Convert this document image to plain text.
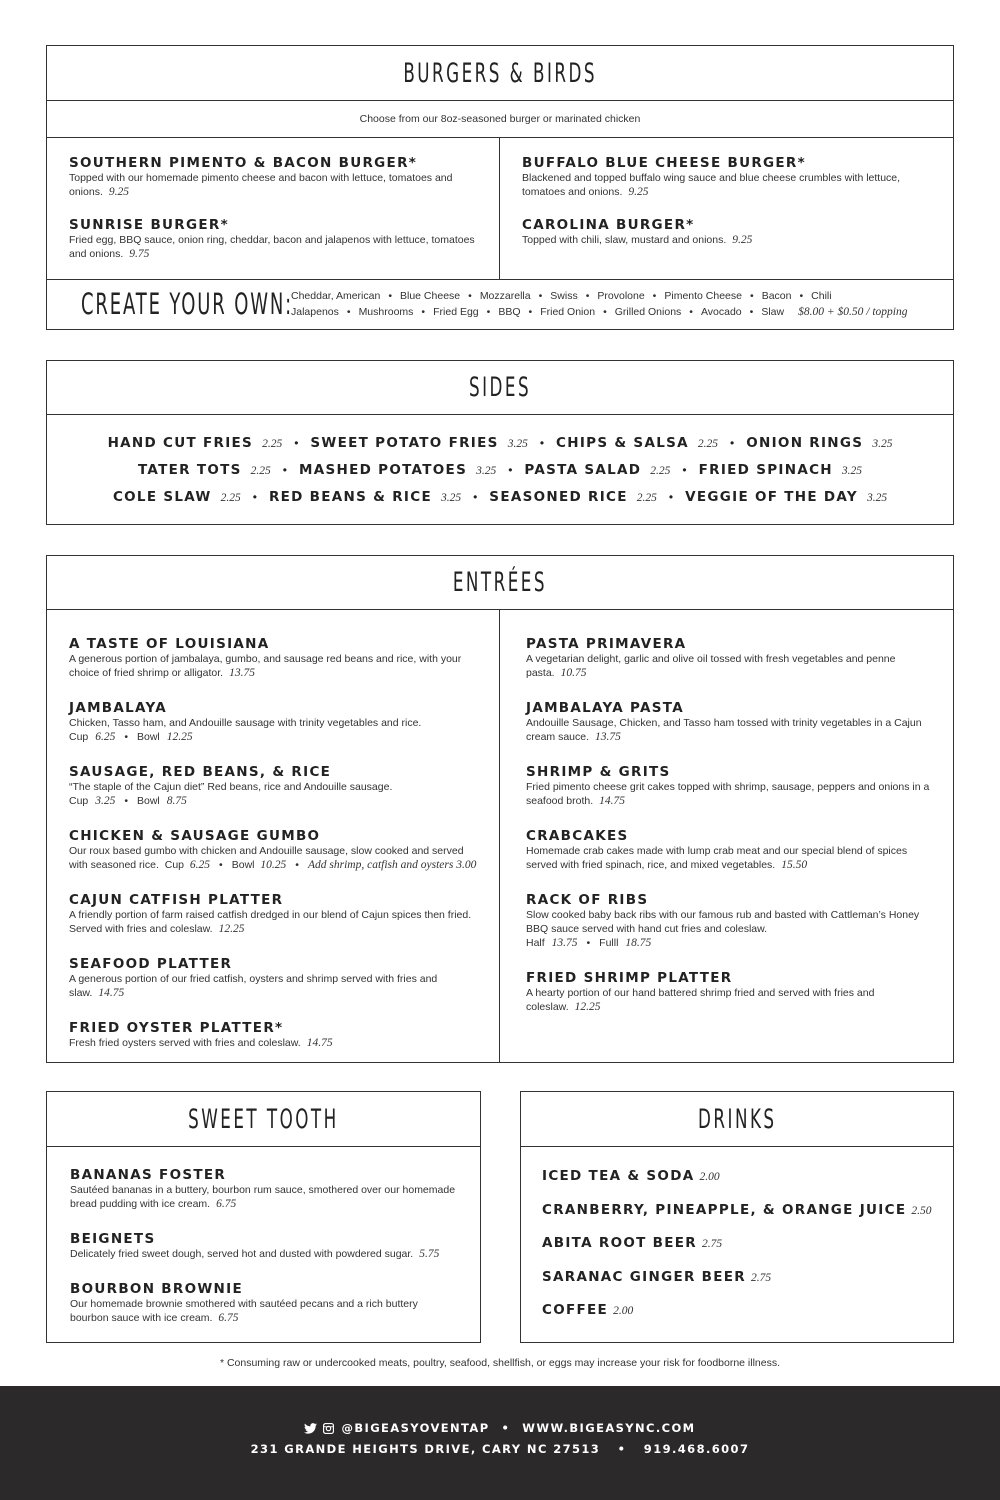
BURGERS & BIRDS
Choose from our 8oz-seasoned burger or marinated chicken
SOUTHERN PIMENTO & BACON BURGER*
Topped with our homemade pimento cheese and bacon with lettuce, tomatoes and onions. 9.25
SUNRISE BURGER*
Fried egg, BBQ sauce, onion ring, cheddar, bacon and jalapenos with lettuce, tomatoes and onions. 9.75
BUFFALO BLUE CHEESE BURGER*
Blackened and topped buffalo wing sauce and blue cheese crumbles with lettuce, tomatoes and onions. 9.25
CAROLINA BURGER*
Topped with chili, slaw, mustard and onions. 9.25
CREATE YOUR OWN:
Cheddar, American • Blue Cheese • Mozzarella • Swiss • Provolone • Pimento Cheese • Bacon • Chili
Jalapenos • Mushrooms • Fried Egg • BBQ • Fried Onion • Grilled Onions • Avocado • Slaw $8.00 + $0.50 / topping
SIDES
HAND CUT FRIES 2.25 • SWEET POTATO FRIES 3.25 • CHIPS & SALSA 2.25 • ONION RINGS 3.25
TATER TOTS 2.25 • MASHED POTATOES 3.25 • PASTA SALAD 2.25 • FRIED SPINACH 3.25
COLE SLAW 2.25 • RED BEANS & RICE 3.25 • SEASONED RICE 2.25 • VEGGIE OF THE DAY 3.25
ENTRÉES
A TASTE OF LOUISIANA
A generous portion of jambalaya, gumbo, and sausage red beans and rice, with your choice of fried shrimp or alligator. 13.75
JAMBALAYA
Chicken, Tasso ham, and Andouille sausage with trinity vegetables and rice.
Cup 6.25 • Bowl 12.25
SAUSAGE, RED BEANS, & RICE
“The staple of the Cajun diet” Red beans, rice and Andouille sausage.
Cup 3.25 • Bowl 8.75
CHICKEN & SAUSAGE GUMBO
Our roux based gumbo with chicken and Andouille sausage, slow cooked and served with seasoned rice. Cup 6.25 • Bowl 10.25 • Add shrimp, catfish and oysters 3.00
CAJUN CATFISH PLATTER
A friendly portion of farm raised catfish dredged in our blend of Cajun spices then fried. Served with fries and coleslaw. 12.25
SEAFOOD PLATTER
A generous portion of our fried catfish, oysters and shrimp served with fries and slaw. 14.75
FRIED OYSTER PLATTER*
Fresh fried oysters served with fries and coleslaw. 14.75
PASTA PRIMAVERA
A vegetarian delight, garlic and olive oil tossed with fresh vegetables and penne pasta. 10.75
JAMBALAYA PASTA
Andouille Sausage, Chicken, and Tasso ham tossed with trinity vegetables in a Cajun cream sauce. 13.75
SHRIMP & GRITS
Fried pimento cheese grit cakes topped with shrimp, sausage, peppers and onions in a seafood broth. 14.75
CRABCAKES
Homemade crab cakes made with lump crab meat and our special blend of spices served with fried spinach, rice, and mixed vegetables. 15.50
RACK OF RIBS
Slow cooked baby back ribs with our famous rub and basted with Cattleman’s Honey BBQ sauce served with hand cut fries and coleslaw.
Half 13.75 • Fulll 18.75
FRIED SHRIMP PLATTER
A hearty portion of our hand battered shrimp fried and served with fries and coleslaw. 12.25
SWEET TOOTH
BANANAS FOSTER
Sautéed bananas in a buttery, bourbon rum sauce, smothered over our homemade bread pudding with ice cream. 6.75
BEIGNETS
Delicately fried sweet dough, served hot and dusted with powdered sugar. 5.75
BOURBON BROWNIE
Our homemade brownie smothered with sautéed pecans and a rich buttery bourbon sauce with ice cream. 6.75
DRINKS
ICED TEA & SODA 2.00
CRANBERRY, PINEAPPLE, & ORANGE JUICE 2.50
ABITA ROOT BEER 2.75
SARANAC GINGER BEER 2.75
COFFEE 2.00
* Consuming raw or undercooked meats, poultry, seafood, shellfish, or eggs may increase your risk for foodborne illness.
@BIGEASYOVENTAP • WWW.BIGEASYNC.COM
231 GRANDE HEIGHTS DRIVE, CARY NC 27513 • 919.468.6007
